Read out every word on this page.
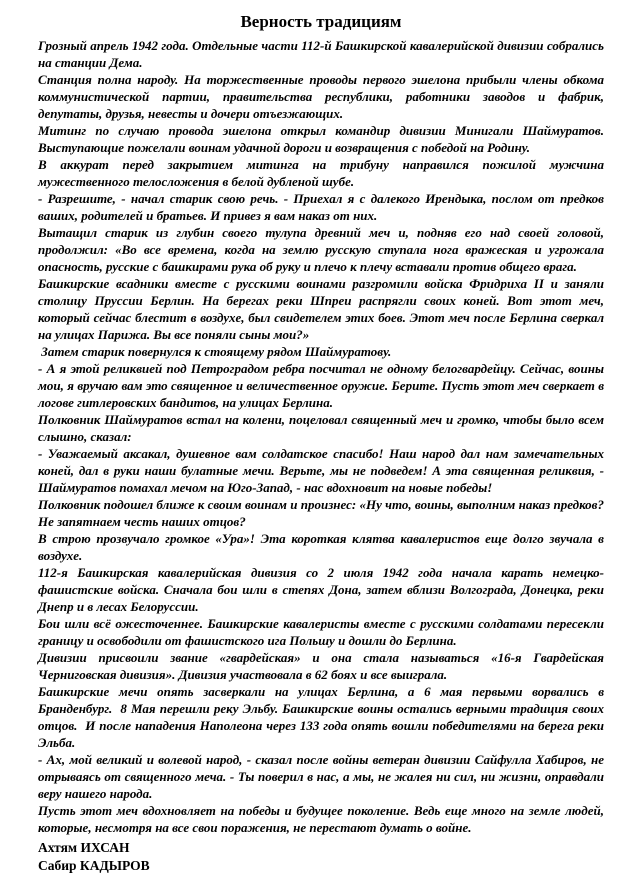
Верность традициям

Грозный апрель 1942 года. Отдельные части 112-й Башкирской кавалерийской дивизии собрались на станции Дема.

Станция полна народу. На торжественные проводы первого эшелона прибыли члены обкома коммунистической партии, правительства республики, работники заводов и фабрик, депутаты, друзья, невесты и дочери отъезжающих.

Митинг по случаю провода эшелона открыл командир дивизии Минигали Шаймуратов. Выступающие пожелали воинам удачной дороги и возвращения с победой на Родину.

В аккурат перед закрытием митинга на трибуну направился пожилой мужчина мужественного телосложения в белой дубленой шубе.

- Разрешите, - начал старик свою речь. - Приехал я с далекого Ирендыка, послом от предков ваших, родителей и братьев. И привез я вам наказ от них.

Вытащил старик из глубин своего тулупа древний меч и, подняв его над своей головой, продолжил: «Во все времена, когда на землю русскую ступала нога вражеская и угрожала опасность, русские с башкирами рука об руку и плечо к плечу вставали против общего врага.

Башкирские всадники вместе с русскими воинами разгромили войска Фридриха II и заняли столицу Пруссии Берлин. На берегах реки Шпреи распрягли своих коней. Вот этот меч, который сейчас блестит в воздухе, был свидетелем этих боев. Этот меч после Берлина сверкал на улицах Парижа. Вы все поняли сыны мои?»

Затем старик повернулся к стоящему рядом Шаймуратову.

- А я этой реликвией под Петроградом ребра посчитал не одному белогвардейцу. Сейчас, воины мои, я вручаю вам это священное и величественное оружие. Берите. Пусть этот меч сверкает в логове гитлеровских бандитов, на улицах Берлина.

Полковник Шаймуратов встал на колени, поцеловал священный меч и громко, чтобы было всем слышно, сказал:

- Уважаемый аксакал, душевное вам солдатское спасибо! Наш народ дал нам замечательных коней, дал в руки наши булатные мечи. Верьте, мы не подведем! А эта священная реликвия, - Шаймуратов помахал мечом на Юго-Запад, - нас вдохновит на новые победы!

Полковник подошел ближе к своим воинам и произнес: «Ну что, воины, выполним наказ предков? Не запятнаем честь наших отцов?

В строю прозвучало громкое «Ура»! Эта короткая клятва кавалеристов еще долго звучала в воздухе.

112-я Башкирская кавалерийская дивизия со 2 июля 1942 года начала карать немецко-фашистские войска. Сначала бои шли в степях Дона, затем вблизи Волгограда, Донецка, реки Днепр и в лесах Белоруссии.

Бои шли всё ожесточеннее. Башкирские кавалеристы вместе с русскими солдатами пересекли границу и освободили от фашистского ига Польшу и дошли до Берлина.

Дивизии присвоили звание «гвардейская» и она стала называться «16-я Гвардейская Черниговская дивизия». Дивизия участвовала в 62 боях и все выиграла.

Башкирские мечи опять засверкали на улицах Берлина, а 6 мая первыми ворвались в Бранденбург.  8 Мая перешли реку Эльбу. Башкирские воины остались верными традиция своих отцов.  И после нападения Наполеона через 133 года опять вошли победителями на берега реки Эльба.

- Ах, мой великий и волевой народ, - сказал после войны ветеран дивизии Сайфулла Хабиров, не отрываясь от священного меча. - Ты поверил в нас, а мы, не жалея ни сил, ни жизни, оправдали веру нашего народа.

Пусть этот меч вдохновляет на победы и будущее поколение. Ведь еще много на земле людей, которые, несмотря на все свои поражения, не перестают думать о войне.

Ахтям ИХСАН

Сабир КАДЫРОВ
